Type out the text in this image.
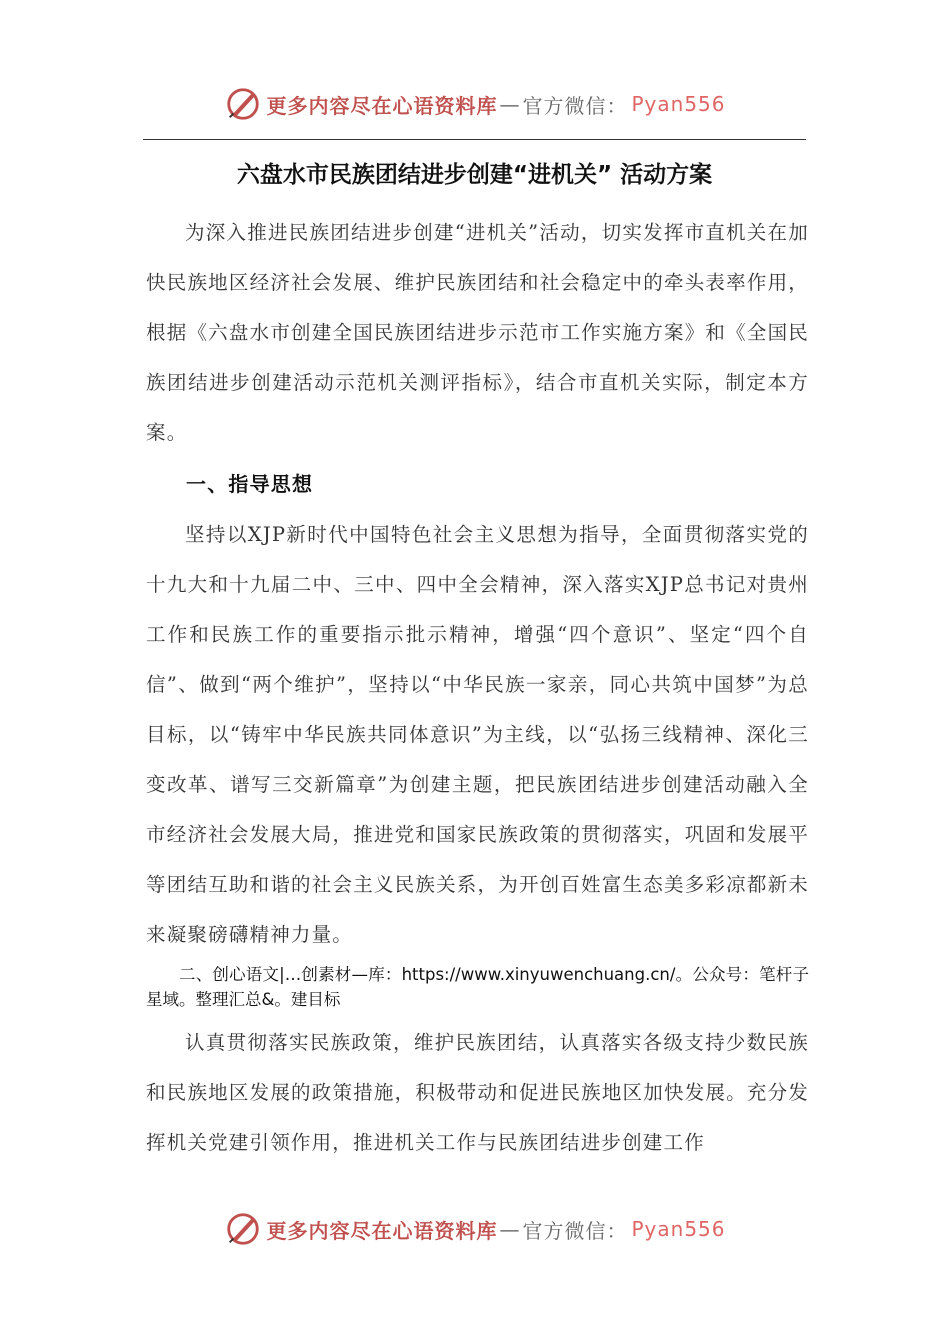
更多内容尽在心语资料库 — 官方微信： Pyan556
六盘水市民族团结进步创建“进机关” 活动方案

为深入推进民族团结进步创建“进机关”活动，切实发挥市直机关在加快民族地区经济社会发展、维护民族团结和社会稳定中的牵头表率作用，根据《六盘水市创建全国民族团结进步示范市工作实施方案》和《全国民族团结进步创建活动示范机关测评指标》，结合市直机关实际，制定本方案。

一、指导思想

坚持以XJP新时代中国特色社会主义思想为指导，全面贯彻落实党的十九大和十九届二中、三中、四中全会精神，深入落实XJP总书记对贵州工作和民族工作的重要指示批示精神，增强“四个意识”、坚定“四个自信”、做到“两个维护”，坚持以“中华民族一家亲，同心共筑中国梦”为总目标，以“铸牢中华民族共同体意识”为主线，以“弘扬三线精神、深化三变改革、谱写三交新篇章”为创建主题，把民族团结进步创建活动融入全市经济社会发展大局，推进党和国家民族政策的贯彻落实，巩固和发展平等团结互助和谐的社会主义民族关系，为开创百姓富生态美多彩凉都新未来凝聚磅礴精神力量。

二、创心语文|…创素材—库：https://www.xinyuwenchuang.cn/。公众号：笔杆子星域。整理汇总&。建目标

认真贯彻落实民族政策，维护民族团结，认真落实各级支持少数民族和民族地区发展的政策措施，积极带动和促进民族地区加快发展。充分发挥机关党建引领作用，推进机关工作与民族团结进步创建工作

更多内容尽在心语资料库 — 官方微信： Pyan556
